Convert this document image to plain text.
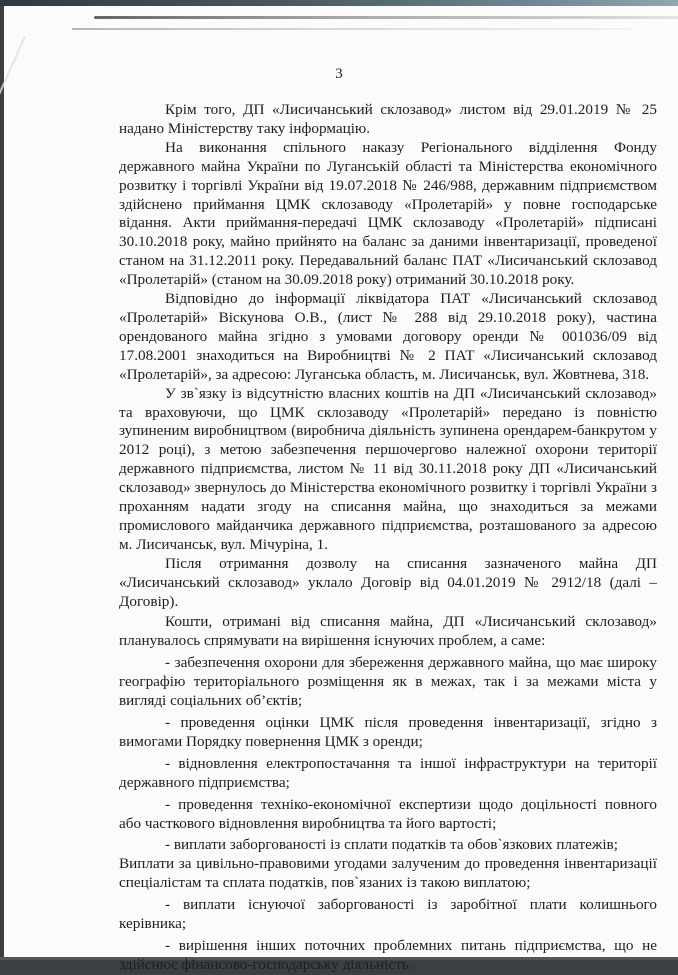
3

Крім того, ДП «Лисичанський склозавод» листом від 29.01.2019 № 25 надано Міністерству таку інформацію.

На виконання спільного наказу Регіонального відділення Фонду державного майна України по Луганській області та Міністерства економічного розвитку і торгівлі України від 19.07.2018 № 246/988, державним підприємством здійснено приймання ЦМК склозаводу «Пролетарій» у повне господарське відання. Акти приймання-передачі ЦМК склозаводу «Пролетарій» підписані 30.10.2018 року, майно прийнято на баланс за даними інвентаризації, проведеної станом на 31.12.2011 року. Передавальний баланс ПАТ «Лисичанський склозавод «Пролетарій» (станом на 30.09.2018 року) отриманий 30.10.2018 року.

Відповідно до інформації ліквідатора ПАТ «Лисичанський склозавод «Пролетарій» Віскунова О.В., (лист № 288 від 29.10.2018 року), частина орендованого майна згідно з умовами договору оренди № 001036/09 від 17.08.2001 знаходиться на Виробництві № 2 ПАТ «Лисичанський склозавод «Пролетарій», за адресою: Луганська область, м. Лисичанськ, вул. Жовтнева, 318.

У зв`язку із відсутністю власних коштів на ДП «Лисичанський склозавод» та враховуючи, що ЦМК склозаводу «Пролетарій» передано із повністю зупиненим виробництвом (виробнича діяльність зупинена орендарем-банкрутом у 2012 році), з метою забезпечення першочергово належної охорони території державного підприємства, листом № 11 від 30.11.2018 року ДП «Лисичанський склозавод» звернулось до Міністерства економічного розвитку і торгівлі України з проханням надати згоду на списання майна, що знаходиться за межами промислового майданчика державного підприємства, розташованого за адресою м. Лисичанськ, вул. Мічуріна, 1.

Після отримання дозволу на списання зазначеного майна ДП «Лисичанський склозавод» уклало Договір від 04.01.2019 № 2912/18 (далі – Договір).

Кошти, отримані від списання майна, ДП «Лисичанський склозавод» планувалось спрямувати на вирішення існуючих проблем, а саме:

- забезпечення охорони для збереження державного майна, що має широку географію територіального розміщення як в межах, так і за межами міста у вигляді соціальних об’єктів;

- проведення оцінки ЦМК після проведення інвентаризації, згідно з вимогами Порядку повернення ЦМК з оренди;

- відновлення електропостачання та іншої інфраструктури на території державного підприємства;

- проведення техніко-економічної експертизи щодо доцільності повного або часткового відновлення виробництва та його вартості;

- виплати заборгованості із сплати податків та обов`язкових платежів;

Виплати за цивільно-правовими угодами залученим до проведення інвентаризації спеціалістам та сплата податків, пов`язаних із такою виплатою;

- виплати існуючої заборгованості із заробітної плати колишнього керівника;

- вирішення інших поточних проблемних питань підприємства, що не здійснює фінансово-господарську діяльність.
